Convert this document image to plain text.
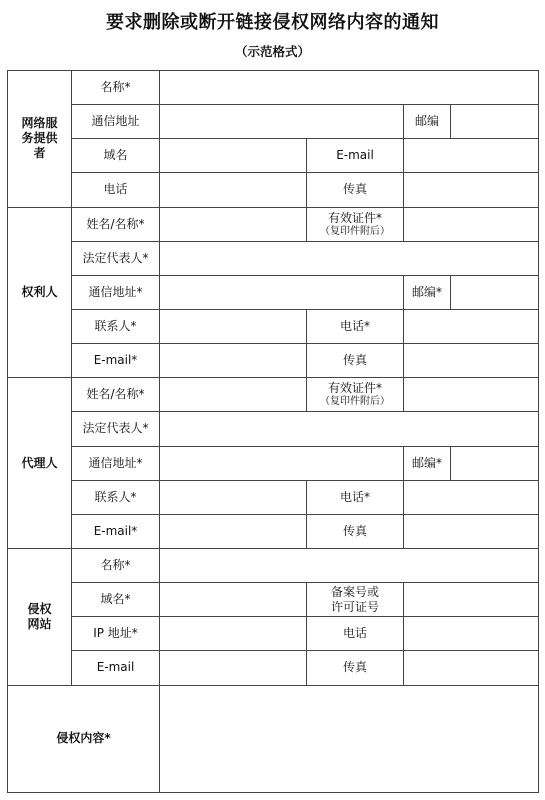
要求删除或断开链接侵权网络内容的通知
（示范格式）
网络服务提供者	名称*				
	通信地址			邮编	
	域名		E-mail		
	电话		传真		
权利人	姓名/名称*		有效证件*
（复印件附后）		

	法定代表人*				
	通信地址*			邮编*	
	联系人*		电话*		
	E-mail*		传真		
代理人	姓名/名称*		有效证件*
（复印件附后）		

	法定代表人*				
	通信地址*			邮编*	
	联系人*		电话*		
	E-mail*		传真		

侵权
网站	名称*				
	域名*		备案号或
许可证号		

	IP 地址*		电话		
	E-mail		传真		
侵权内容*					
